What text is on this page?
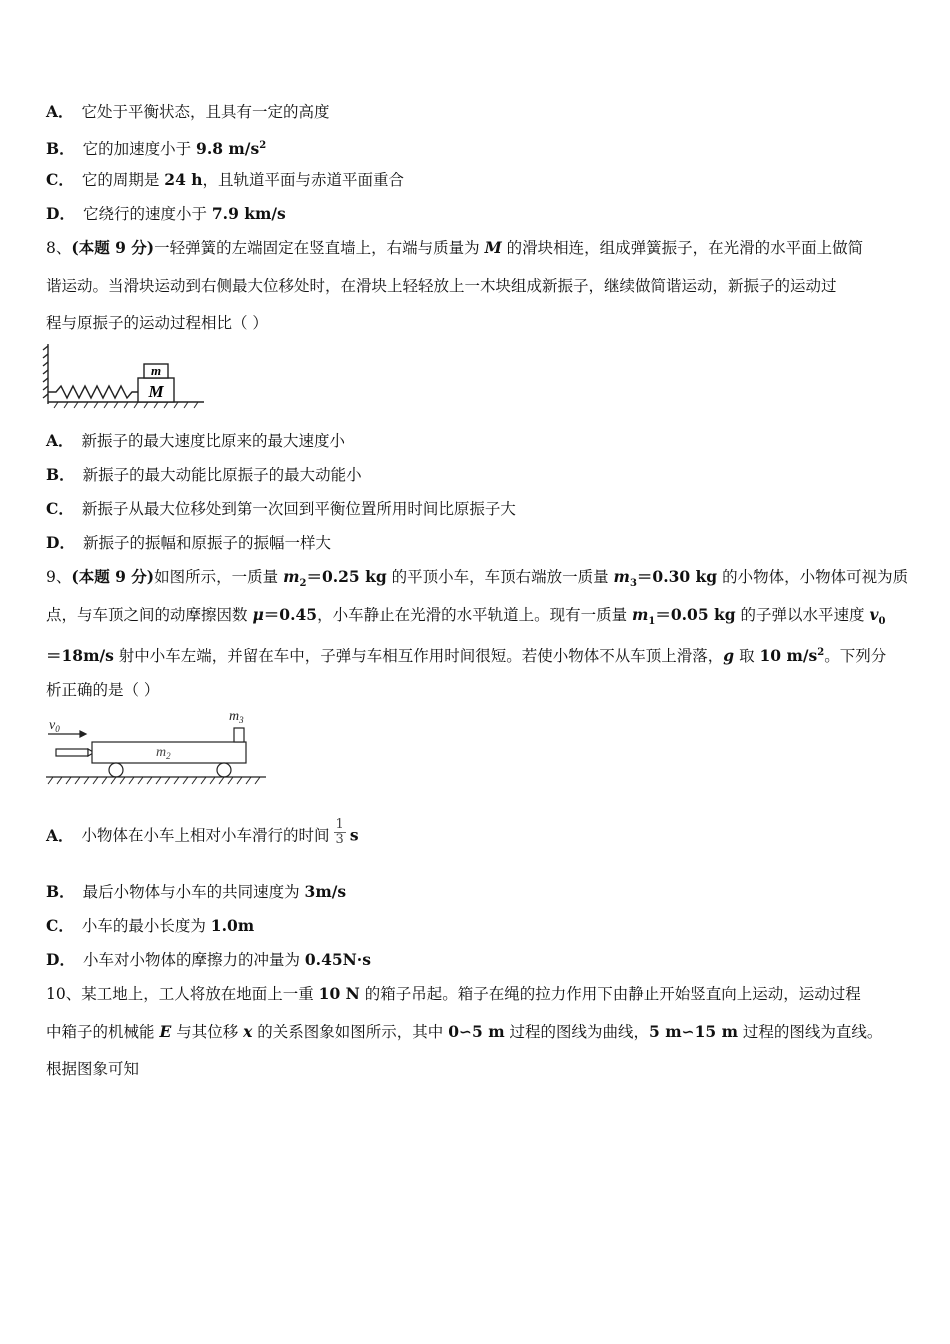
A． 它处于平衡状态，且具有一定的高度
B． 它的加速度小于 9.8 $m/s^2$
C． 它的周期是 24 h，且轨道平面与赤道平面重合
D． 它绕行的速度小于 7.9 km/s
8、(本题 9 分)一轻弹簧的左端固定在竖直墙上，右端与质量为 M 的滑块相连，组成弹簧振子，在光滑的水平面上做简
谐运动。当滑块运动到右侧最大位移处时，在滑块上轻轻放上一木块组成新振子，继续做简谐运动，新振子的运动过
程与原振子的运动过程相比（ ）
m
M
A． 新振子的最大速度比原来的最大速度小
B． 新振子的最大动能比原振子的最大动能小
C． 新振子从最大位移处到第一次回到平衡位置所用时间比原振子大
D． 新振子的振幅和原振子的振幅一样大
9、(本题 9 分)如图所示，一质量 $m_2=0.25$ kg 的平顶小车，车顶右端放一质量 $m_3=0.30$ kg 的小物体，小物体可视为质
点，与车顶之间的动摩擦因数 μ＝0.45，小车静止在光滑的水平轨道上。现有一质量 $m_1=0.05$ kg 的子弹以水平速度 $v_0$
＝18m/s 射中小车左端，并留在车中，子弹与车相互作用时间很短。若使小物体不从车顶上滑落，g 取 10 $m/s^2$。下列分
析正确的是（ ）
$v_0$
$m_3$
$m_2$
A． 小物体在小车上相对小车滑行的时间 $\frac{1}{3}$ s
B． 最后小物体与小车的共同速度为 3m/s
C． 小车的最小长度为 1.0m
D． 小车对小物体的摩擦力的冲量为 0.45N·s
10、某工地上，工人将放在地面上一重 10 N 的箱子吊起。箱子在绳的拉力作用下由静止开始竖直向上运动，运动过程
中箱子的机械能 E 与其位移 x 的关系图象如图所示，其中 0∽5 m 过程的图线为曲线，5 m∽15 m 过程的图线为直线。
根据图象可知
